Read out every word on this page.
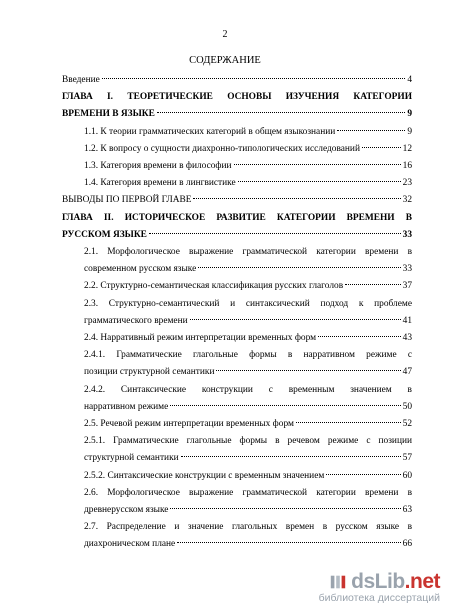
2
СОДЕРЖАНИЕ
Введение	4
ГЛАВА I. ТЕОРЕТИЧЕСКИЕ ОСНОВЫ ИЗУЧЕНИЯ КАТЕГОРИИ
ВРЕМЕНИ В ЯЗЫКЕ	9
1.1. К теории грамматических категорий в общем языкознании	9
1.2. К вопросу о сущности диахронно-типологических исследований	12
1.3. Категория времени в философии	16
1.4. Категория времени в лингвистике	23
ВЫВОДЫ ПО ПЕРВОЙ ГЛАВЕ	32
ГЛАВА II. ИСТОРИЧЕСКОЕ РАЗВИТИЕ КАТЕГОРИИ ВРЕМЕНИ В
РУССКОМ ЯЗЫКЕ	33
2.1. Морфологическое выражение грамматической категории времени в
современном русском языке	33
2.2. Структурно-семантическая классификация русских глаголов	37
2.3. Структурно-семантический и синтаксический подход к проблеме
грамматического времени	41
2.4. Нарративный режим интерпретации временных форм	43
2.4.1. Грамматические глагольные формы в нарративном режиме с
позиции структурной семантики	47
2.4.2. Синтаксические конструкции с временным значением в
нарративном режиме	50
2.5. Речевой режим интерпретации временных форм	52
2.5.1. Грамматические глагольные формы в речевом режиме с позиции
структурной семантики	57
2.5.2. Синтаксические конструкции с временным значением	60
2.6. Морфологическое выражение грамматической категории времени в
древнерусском языке	63
2.7. Распределение и значение глагольных времен в русском языке в
диахроническом плане	66
dsLib.net
библиотека диссертаций
